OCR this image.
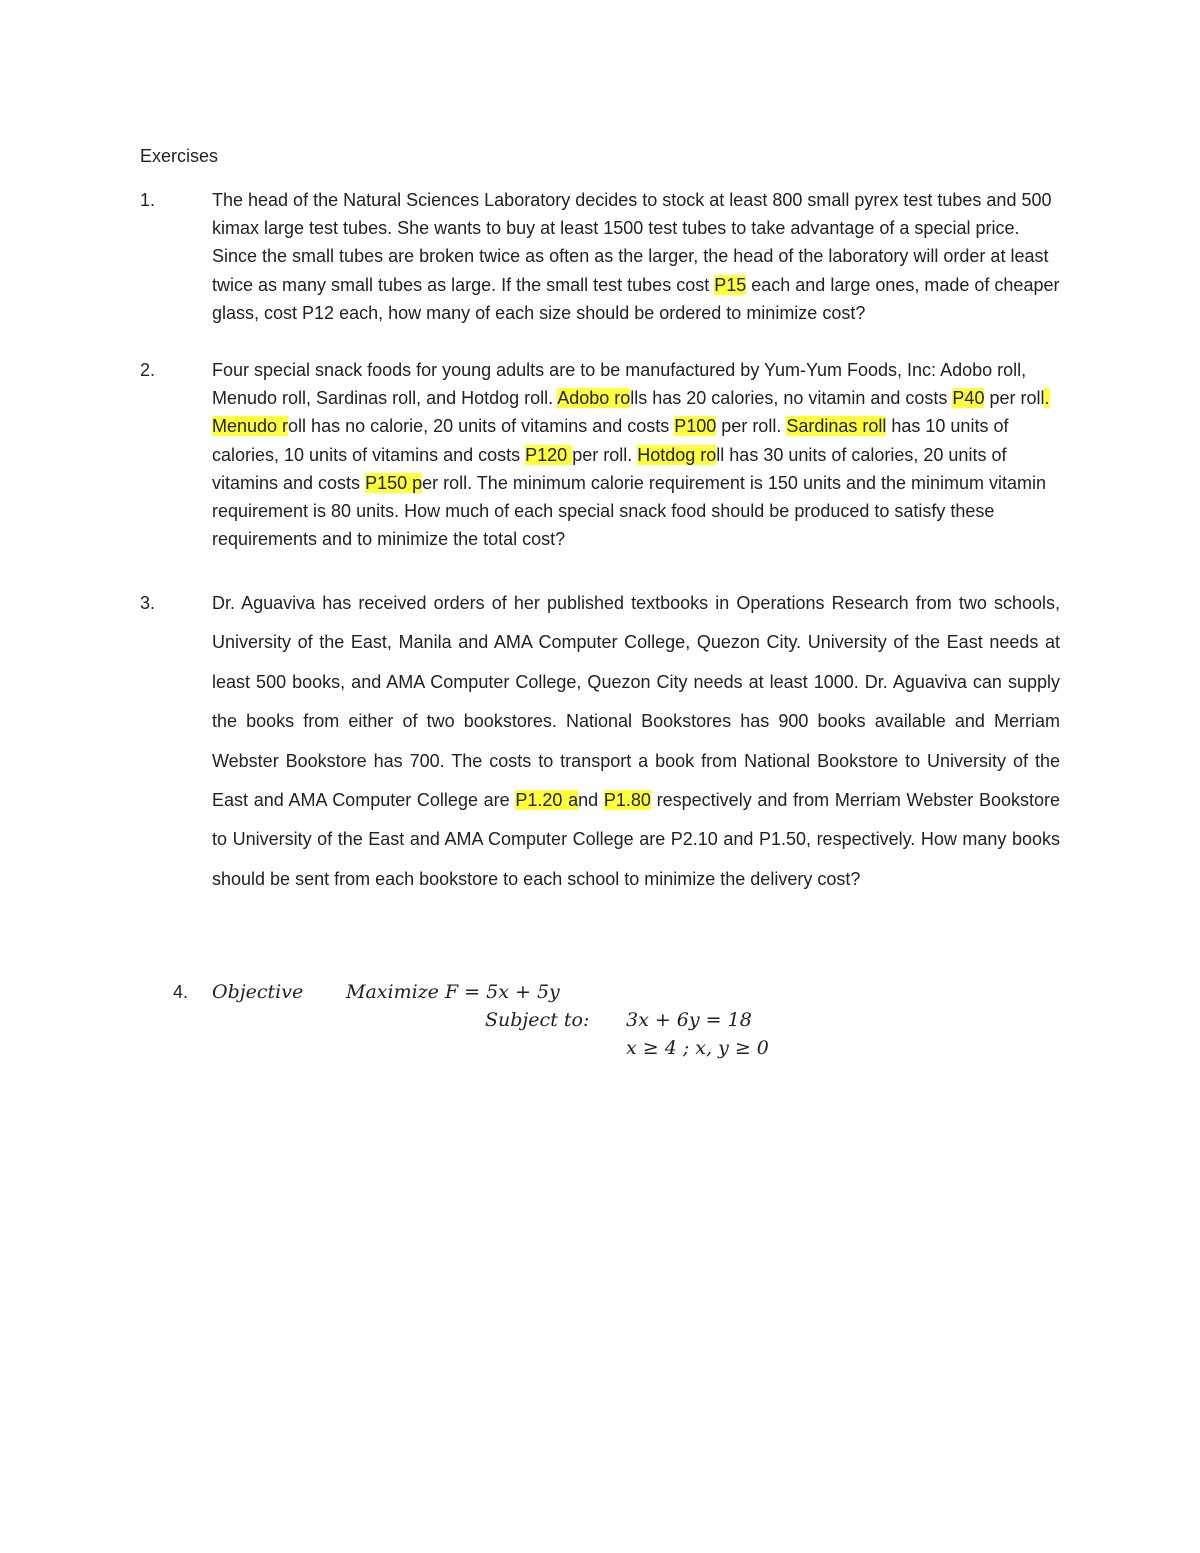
Exercises
1.	The head of the Natural Sciences Laboratory decides to stock at least 800 small pyrex test tubes and 500 kimax large test tubes. She wants to buy at least 1500 test tubes to take advantage of a special price. Since the small tubes are broken twice as often as the larger, the head of the laboratory will order at least twice as many small tubes as large. If the small test tubes cost P15 each and large ones, made of cheaper glass, cost P12 each, how many of each size should be ordered to minimize cost?
2.	Four special snack foods for young adults are to be manufactured by Yum-Yum Foods, Inc: Adobo roll, Menudo roll, Sardinas roll, and Hotdog roll. Adobo rolls has 20 calories, no vitamin and costs P40 per roll. Menudo roll has no calorie, 20 units of vitamins and costs P100 per roll. Sardinas roll has 10 units of calories, 10 units of vitamins and costs P120 per roll. Hotdog roll has 30 units of calories, 20 units of vitamins and costs P150 per roll. The minimum calorie requirement is 150 units and the minimum vitamin requirement is 80 units. How much of each special snack food should be produced to satisfy these requirements and to minimize the total cost?
3.	Dr. Aguaviva has received orders of her published textbooks in Operations Research from two schools, University of the East, Manila and AMA Computer College, Quezon City. University of the East needs at least 500 books, and AMA Computer College, Quezon City needs at least 1000. Dr. Aguaviva can supply the books from either of two bookstores. National Bookstores has 900 books available and Merriam Webster Bookstore has 700. The costs to transport a book from National Bookstore to University of the East and AMA Computer College are P1.20 and P1.80 respectively and from Merriam Webster Bookstore to University of the East and AMA Computer College are P2.10 and P1.50, respectively. How many books should be sent from each bookstore to each school to minimize the delivery cost?
4. Objective Maximize F = 5x + 5y
Subject to: 3x + 6y = 18
x ≥ 4 ; x, y ≥ 0
